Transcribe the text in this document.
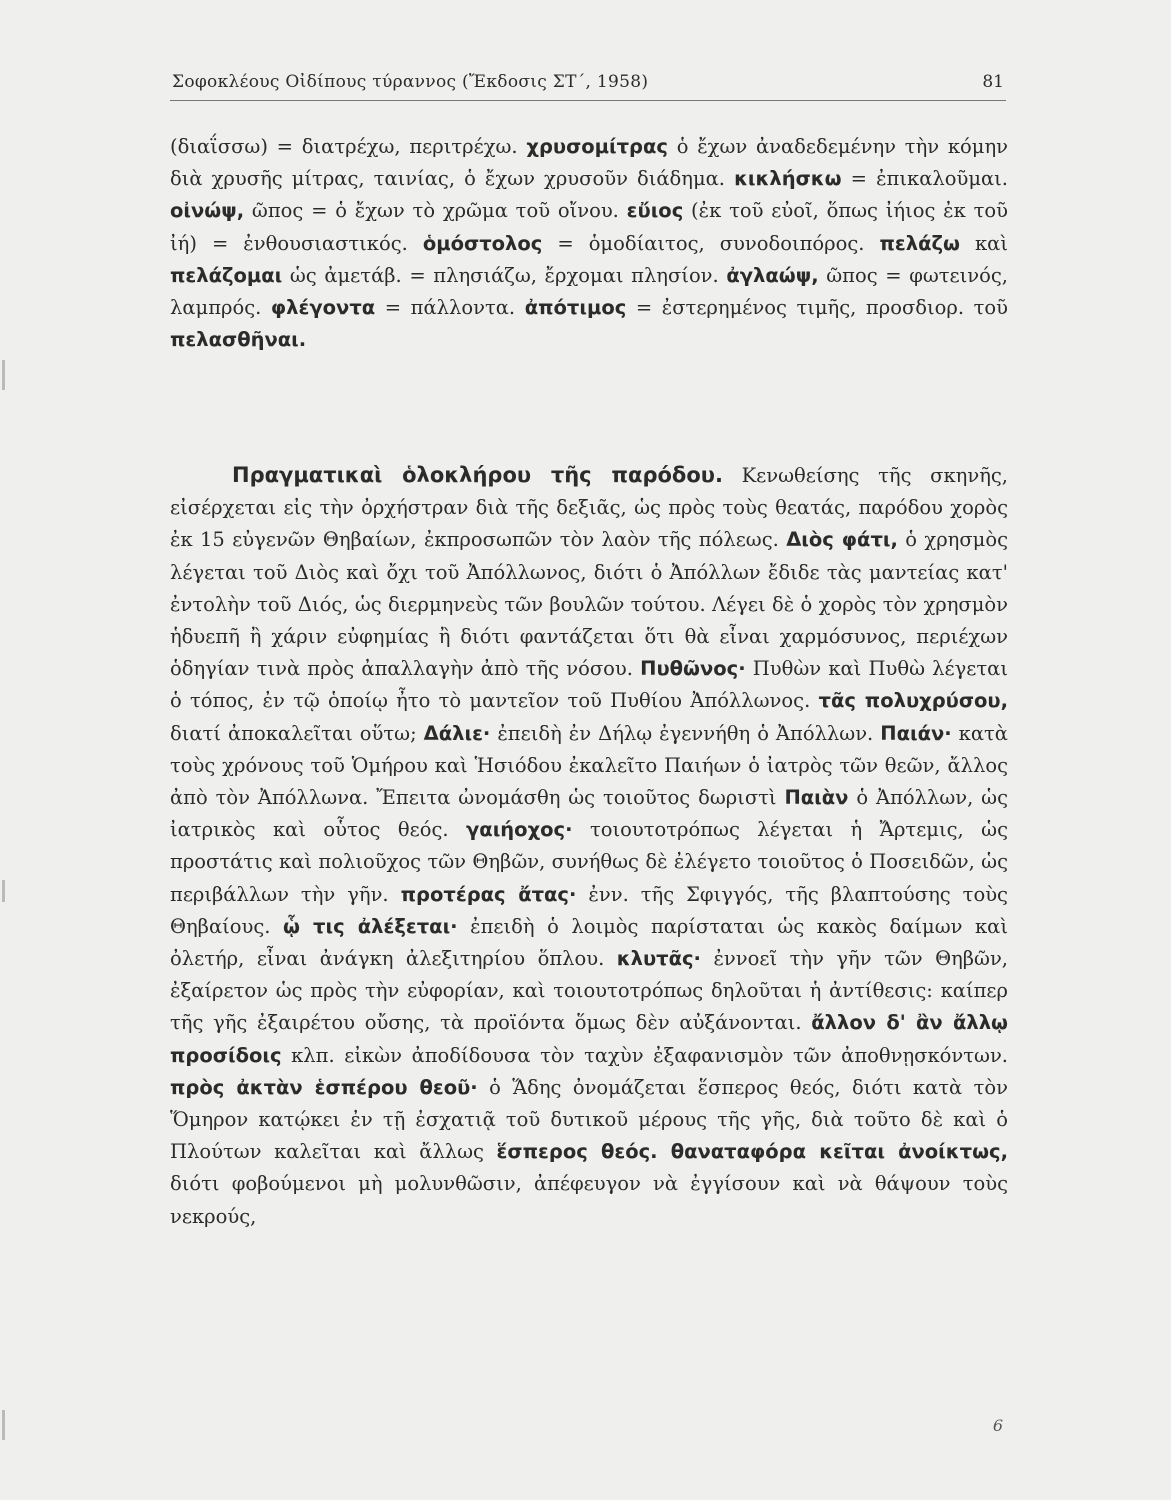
Σοφοκλέους Οἰδίπους τύραννος (Ἔκδοσις ΣΤ΄, 1958)	81

(διαΐσσω) = διατρέχω, περιτρέχω. χρυσομίτρας ὁ ἔχων ἀναδεδεμένην τὴν κόμην διὰ χρυσῆς μίτρας, ταινίας, ὁ ἔχων χρυσοῦν διάδημα. κικλήσκω = ἐπικαλοῦμαι. οἰνώψ, ῶπος = ὁ ἔχων τὸ χρῶμα τοῦ οἴνου. εὔιος (ἐκ τοῦ εὐοῖ, ὅπως ἰήιος ἐκ τοῦ ἰή) = ἐνθουσιαστικός. ὁμόστολος = ὁμοδίαιτος, συνοδοιπόρος. πελάζω καὶ πελάζομαι ὡς ἀμετάβ. = πλησιάζω, ἔρχομαι πλησίον. ἀγλαώψ, ῶπος = φωτεινός, λαμπρός. φλέγοντα = πάλλοντα. ἀπότιμος = ἐστερημένος τιμῆς, προσδιορ. τοῦ πελασθῆναι.

Πραγματικαὶ ὁλοκλήρου τῆς παρόδου. Κενωθείσης τῆς σκηνῆς, εἰσέρχεται εἰς τὴν ὀρχήστραν διὰ τῆς δεξιᾶς, ὡς πρὸς τοὺς θεατάς, παρόδου χορὸς ἐκ 15 εὐγενῶν Θηβαίων, ἐκπροσωπῶν τὸν λαὸν τῆς πόλεως. Διὸς φάτι, ὁ χρησμὸς λέγεται τοῦ Διὸς καὶ ὄχι τοῦ Ἀπόλλωνος, διότι ὁ Ἀπόλλων ἔδιδε τὰς μαντείας κατ' ἐντολὴν τοῦ Διός, ὡς διερμηνεὺς τῶν βουλῶν τούτου. Λέγει δὲ ὁ χορὸς τὸν χρησμὸν ἡδυεπῆ ἢ χάριν εὐφημίας ἢ διότι φαντάζεται ὅτι θὰ εἶναι χαρμόσυνος, περιέχων ὁδηγίαν τινὰ πρὸς ἀπαλλαγὴν ἀπὸ τῆς νόσου. Πυθῶνος· Πυθὼν καὶ Πυθὼ λέγεται ὁ τόπος, ἐν τῷ ὁποίῳ ἦτο τὸ μαντεῖον τοῦ Πυθίου Ἀπόλλωνος. τᾶς πολυχρύσου, διατί ἀποκαλεῖται οὕτω; Δάλιε· ἐπειδὴ ἐν Δήλῳ ἐγεννήθη ὁ Ἀπόλλων. Παιάν· κατὰ τοὺς χρόνους τοῦ Ὁμήρου καὶ Ἡσιόδου ἐκαλεῖτο Παιήων ὁ ἰατρὸς τῶν θεῶν, ἄλλος ἀπὸ τὸν Ἀπόλλωνα. Ἔπειτα ὠνομάσθη ὡς τοιοῦτος δωριστὶ Παιὰν ὁ Ἀπόλλων, ὡς ἰατρικὸς καὶ οὗτος θεός. γαιήοχος· τοιουτοτρόπως λέγεται ἡ Ἄρτεμις, ὡς προστάτις καὶ πολιοῦχος τῶν Θηβῶν, συνήθως δὲ ἐλέγετο τοιοῦτος ὁ Ποσειδῶν, ὡς περιβάλλων τὴν γῆν. προτέρας ἄτας· ἐνν. τῆς Σφιγγός, τῆς βλαπτούσης τοὺς Θηβαίους. ᾧ τις ἀλέξεται· ἐπειδὴ ὁ λοιμὸς παρίσταται ὡς κακὸς δαίμων καὶ ὀλετήρ, εἶναι ἀνάγκη ἀλεξιτηρίου ὅπλου. κλυτᾶς· ἐννοεῖ τὴν γῆν τῶν Θηβῶν, ἐξαίρετον ὡς πρὸς τὴν εὐφορίαν, καὶ τοιουτοτρόπως δηλοῦται ἡ ἀντίθεσις: καίπερ τῆς γῆς ἐξαιρέτου οὔσης, τὰ προϊόντα ὅμως δὲν αὐξάνονται. ἄλλον δ' ἂν ἄλλῳ προσίδοις κλπ. εἰκὼν ἀποδίδουσα τὸν ταχὺν ἐξαφανισμὸν τῶν ἀποθνῃσκόντων. πρὸς ἀκτὰν ἑσπέρου θεοῦ· ὁ Ἅδης ὀνομάζεται ἕσπερος θεός, διότι κατὰ τὸν Ὅμηρον κατῴκει ἐν τῇ ἐσχατιᾷ τοῦ δυτικοῦ μέρους τῆς γῆς, διὰ τοῦτο δὲ καὶ ὁ Πλούτων καλεῖται καὶ ἄλλως ἕσπερος θεός. θαναταφόρα κεῖται ἀνοίκτως, διότι φοβούμενοι μὴ μολυνθῶσιν, ἀπέφευγον νὰ ἐγγίσουν καὶ νὰ θάψουν τοὺς νεκρούς,

6
